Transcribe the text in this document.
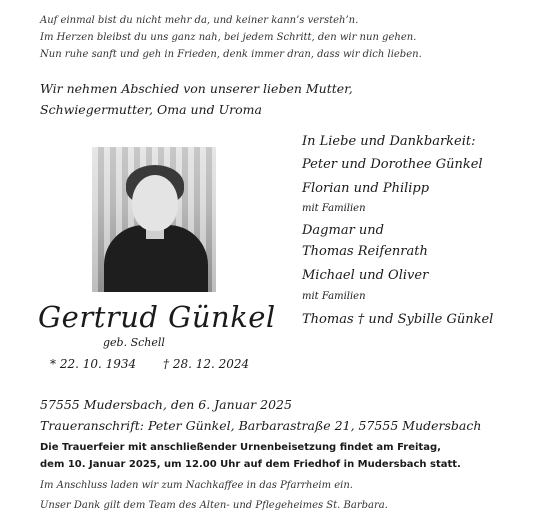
Auf einmal bist du nicht mehr da, und keiner kann’s versteh’n.
Im Herzen bleibst du uns ganz nah, bei jedem Schritt, den wir nun gehen.
Nun ruhe sanft und geh in Frieden, denk immer dran, dass wir dich lieben.
Wir nehmen Abschied von unserer lieben Mutter,
Schwiegermutter, Oma und Uroma
Gertrud Günkel
geb. Schell
* 22. 10. 1934 † 28. 12. 2024
In Liebe und Dankbarkeit:
Peter und Dorothee Günkel
Florian und Philipp
mit Familien
Dagmar und
Thomas Reifenrath
Michael und Oliver
mit Familien
Thomas † und Sybille Günkel
57555 Mudersbach, den 6. Januar 2025
Traueranschrift: Peter Günkel, Barbarastraße 21, 57555 Mudersbach
Die Trauerfeier mit anschließender Urnenbeisetzung findet am Freitag,
dem 10. Januar 2025, um 12.00 Uhr auf dem Friedhof in Mudersbach statt.
Im Anschluss laden wir zum Nachkaffee in das Pfarrheim ein.
Unser Dank gilt dem Team des Alten- und Pflegeheimes St. Barbara.
